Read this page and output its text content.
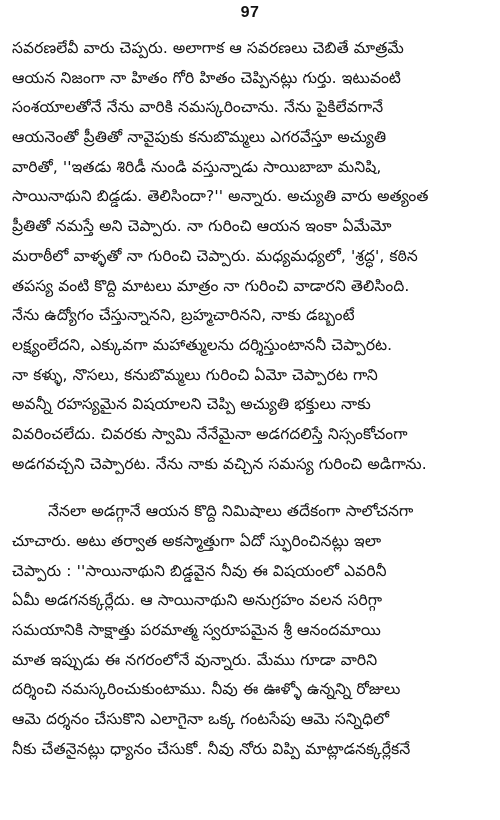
97

సవరణలేవీ వారు చెప్పరు. అలాగాక ఆ సవరణలు చెబితే మాత్రమే
ఆయన నిజంగా నా హితం గోరి హితం చెప్పినట్లు గుర్తు. ఇటువంటి
సంశయాలతోనే నేను వారికి నమస్కరించాను. నేను పైకిలేవగానే
ఆయనెంతో ప్రీతితో నావైపుకు కనుబొమ్మలు ఎగరవేస్తూ అచ్యుతి
వారితో, ''ఇతడు శిరిడీ నుండి వస్తున్నాడు సాయిబాబా మనిషి,
సాయినాథుని బిడ్డడు. తెలిసిందా?'' అన్నారు. అచ్యుతి వారు అత్యంత
ప్రీతితో నమస్తే అని చెప్పారు. నా గురించి ఆయన ఇంకా ఏమేమో
మరాఠీలో వాళ్ళతో నా గురించి చెప్పారు. మధ్యమధ్యలో, 'శ్రద్ధ', కఠిన
తపస్య వంటి కొద్ది మాటలు మాత్రం నా గురించి వాడారని తెలిసింది.
నేను ఉద్యోగం చేస్తున్నానని, బ్రహ్మచారినని, నాకు డబ్బంటే
లక్ష్యంలేదని, ఎక్కువగా మహాత్ములను దర్శిస్తుంటాననీ చెప్పారట.
నా కళ్ళు, నొసలు, కనుబొమ్మలు గురించి ఏమో చెప్పారట గాని
అవన్నీ రహస్యమైన విషయాలని చెప్పి అచ్యుతి భక్తులు నాకు
వివరించలేదు. చివరకు స్వామి నేనేమైనా అడగదలిస్తే నిస్సంకోచంగా
అడగవచ్చని చెప్పారట. నేను నాకు వచ్చిన సమస్య గురించి అడిగాను.

నేనలా అడగ్గానే ఆయన కొద్ది నిమిషాలు తదేకంగా సాలోచనగా
చూచారు. అటు తర్వాత అకస్మాత్తుగా ఏదో స్ఫురించినట్లు ఇలా
చెప్పారు : ''సాయినాథుని బిడ్డవైన నీవు ఈ విషయంలో ఎవరినీ
ఏమీ అడగనక్కర్లేదు. ఆ సాయినాథుని అనుగ్రహం వలన సరిగ్గా
సమయానికి సాక్షాత్తు పరమాత్మ స్వరూపమైన శ్రీ ఆనందమాయి
మాత ఇప్పుడు ఈ నగరంలోనే వున్నారు. మేము గూడా వారిని
దర్శించి నమస్కరించుకుంటాము. నీవు ఈ ఊళ్ళో ఉన్నన్ని రోజులు
ఆమె దర్శనం చేసుకొని ఎలాగైనా ఒక్క గంటసేపు ఆమె సన్నిధిలో
నీకు చేతనైనట్లు ధ్యానం చేసుకో. నీవు నోరు విప్పి మాట్లాడనక్కర్లేకనే
